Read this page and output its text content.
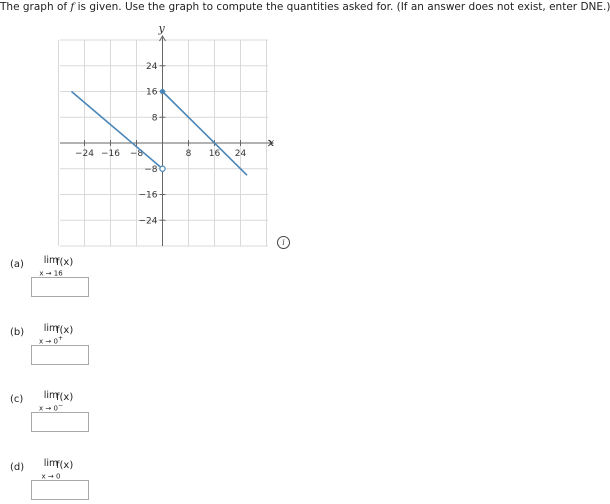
The graph of f is given. Use the graph to compute the quantities asked for. (If an answer does not exist, enter DNE.)

x
y
−24 −16 −8	8 16 24
24
16
8
−8
−16
−24
i
(a)	lim
x → 16
f(x)
(b)	lim
x → 0+
f(x)
(c)	lim
x → 0−
f(x)
(d)	lim
x → 0
f(x)
